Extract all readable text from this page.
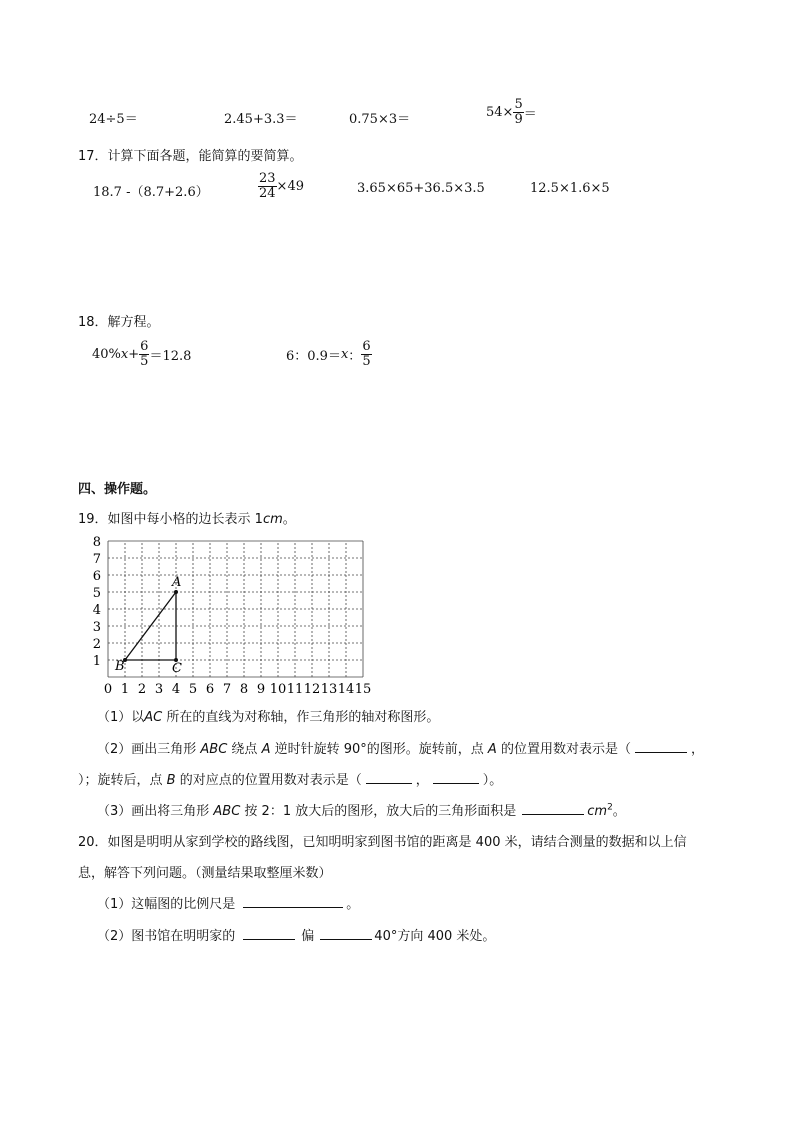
24÷5＝	2.45+3.3＝	0.75×3＝	$54\times \frac{5}{9}$ ＝
17．计算下面各题，能简算的要简算。
18.7 -（8.7+2.6）	$\frac{23}{24} \times 49$	3.65×65+36.5×3.5	12.5×1.6×5
18．解方程。
40% $x + \frac{6}{5} =12.8$	6：0.9＝ x ： $\frac{6}{5}$
四、操作题。
19．如图中每小格的边长表示 1cm。
1
2
3
4
5
6
7
8
0 1 2 3 4 5 6 7 8 9 10 11 12 13 14 15
A
B	C
（1）以AC 所在的直线为对称轴，作三角形的轴对称图形。
（2）画出三角形 ABC 绕点 A 逆时针旋转 90°的图形。旋转前，点 A 的位置用数对表示是（	，
）；旋转后，点 B 的对应点的位置用数对表示是（	，	）。
（3）画出将三角形 ABC 按 2：1 放大后的图形，放大后的三角形面积是	$cm^2$。
20．如图是明明从家到学校的路线图，已知明明家到图书馆的距离是 400 米，请结合测量的数据和以上信
息，解答下列问题。（测量结果取整厘米数）
（1）这幅图的比例尺是	。
（2）图书馆在明明家的	偏	40°方向 400 米处。
